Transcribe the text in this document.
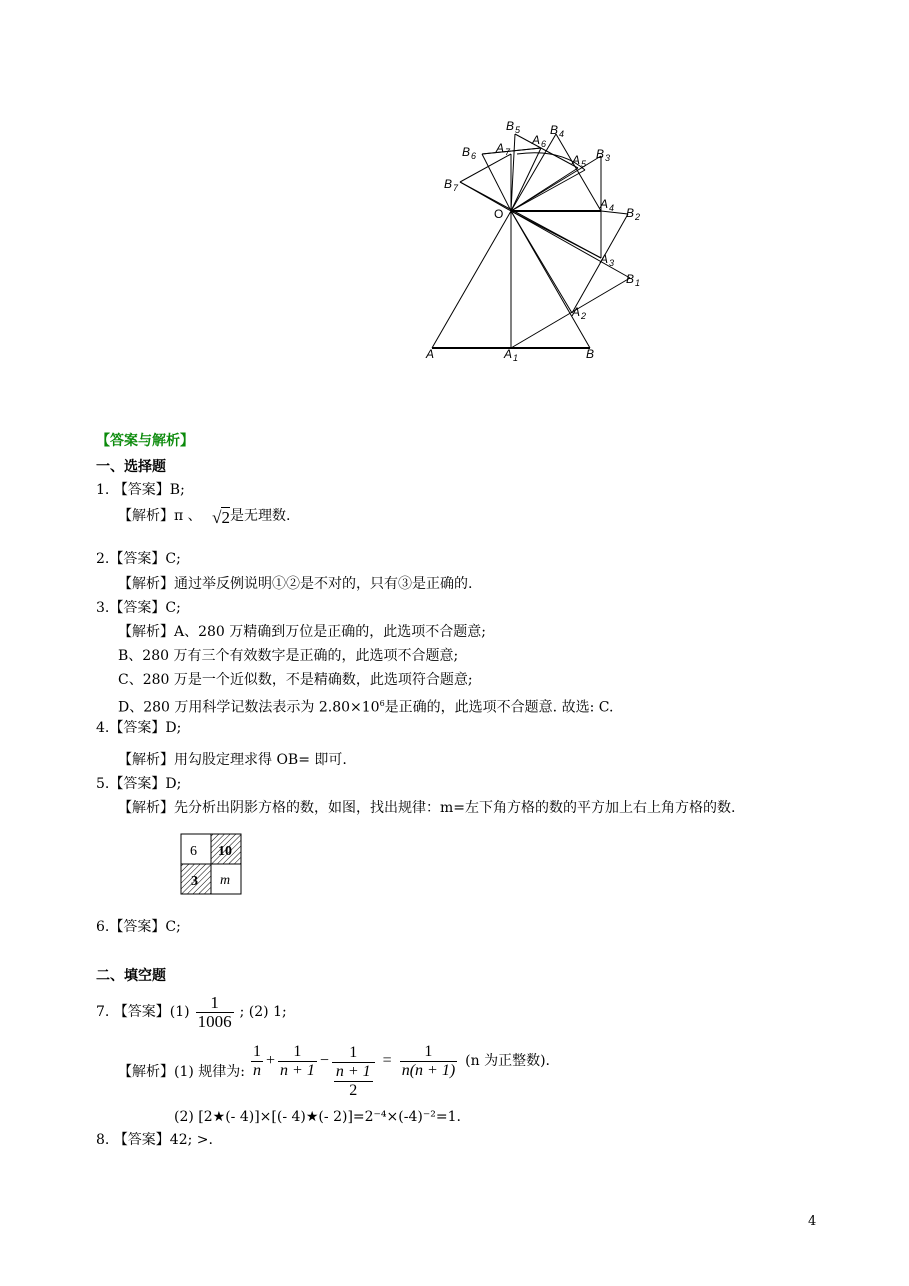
A	A 1	B
A 2
B 1
A 3
B 2
A 4
B 3
A 5
B 4
A 6
B 5
A 7
B 6
B 7
O
【答案与解析】
一、选择题
1. 【答案】B;
【解析】π 、 √2是无理数.
2.【答案】C;
【解析】通过举反例说明①②是不对的，只有③是正确的.
3.【答案】C;
【解析】A、280 万精确到万位是正确的，此选项不合题意;
B、280 万有三个有效数字是正确的，此选项不合题意;
C、280 万是一个近似数，不是精确数，此选项符合题意;
D、280 万用科学记数法表示为 $2.80\times 10^6$是正确的，此选项不合题意. 故选: C.
4.【答案】D;
【解析】用勾股定理求得 OB= 即可.
5.【答案】D;
【解析】先分析出阴影方格的数，如图，找出规律：m=左下角方格的数的平方加上右上角方格的数.
6 10
3 m
6.【答案】C;
二、填空题
7. 【答案】$(1) \frac{1}{1006}$ ; (2) 1;
【解析】(1) 规律为: $\frac{1}{n} + \frac{1}{n + 1} - \frac{1}{\frac{n + 1}{2}} = \frac{1}{n(n + 1)} (n$ 为正整数).
(2) [2★(- 4)]×[(- 4)★(- 2)]=2⁻⁴×(-4)⁻²=1.
8. 【答案】42; >.
4
